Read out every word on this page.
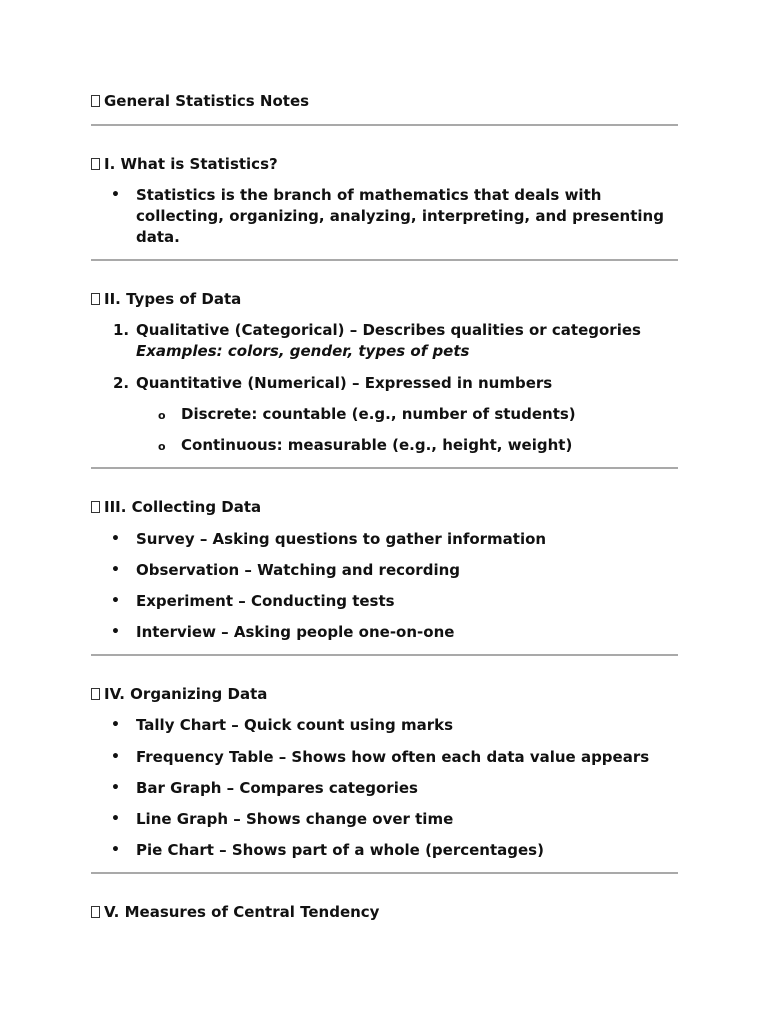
General Statistics Notes
I. What is Statistics?
• Statistics is the branch of mathematics that deals with collecting, organizing, analyzing, interpreting, and presenting data.
II. Types of Data
1. Qualitative (Categorical) – Describes qualities or categories
Examples: colors, gender, types of pets
2. Quantitative (Numerical) – Expressed in numbers
o Discrete: countable (e.g., number of students)
o Continuous: measurable (e.g., height, weight)
III. Collecting Data
• Survey – Asking questions to gather information
• Observation – Watching and recording
• Experiment – Conducting tests
• Interview – Asking people one-on-one
IV. Organizing Data
• Tally Chart – Quick count using marks
• Frequency Table – Shows how often each data value appears
• Bar Graph – Compares categories
• Line Graph – Shows change over time
• Pie Chart – Shows part of a whole (percentages)
V. Measures of Central Tendency
